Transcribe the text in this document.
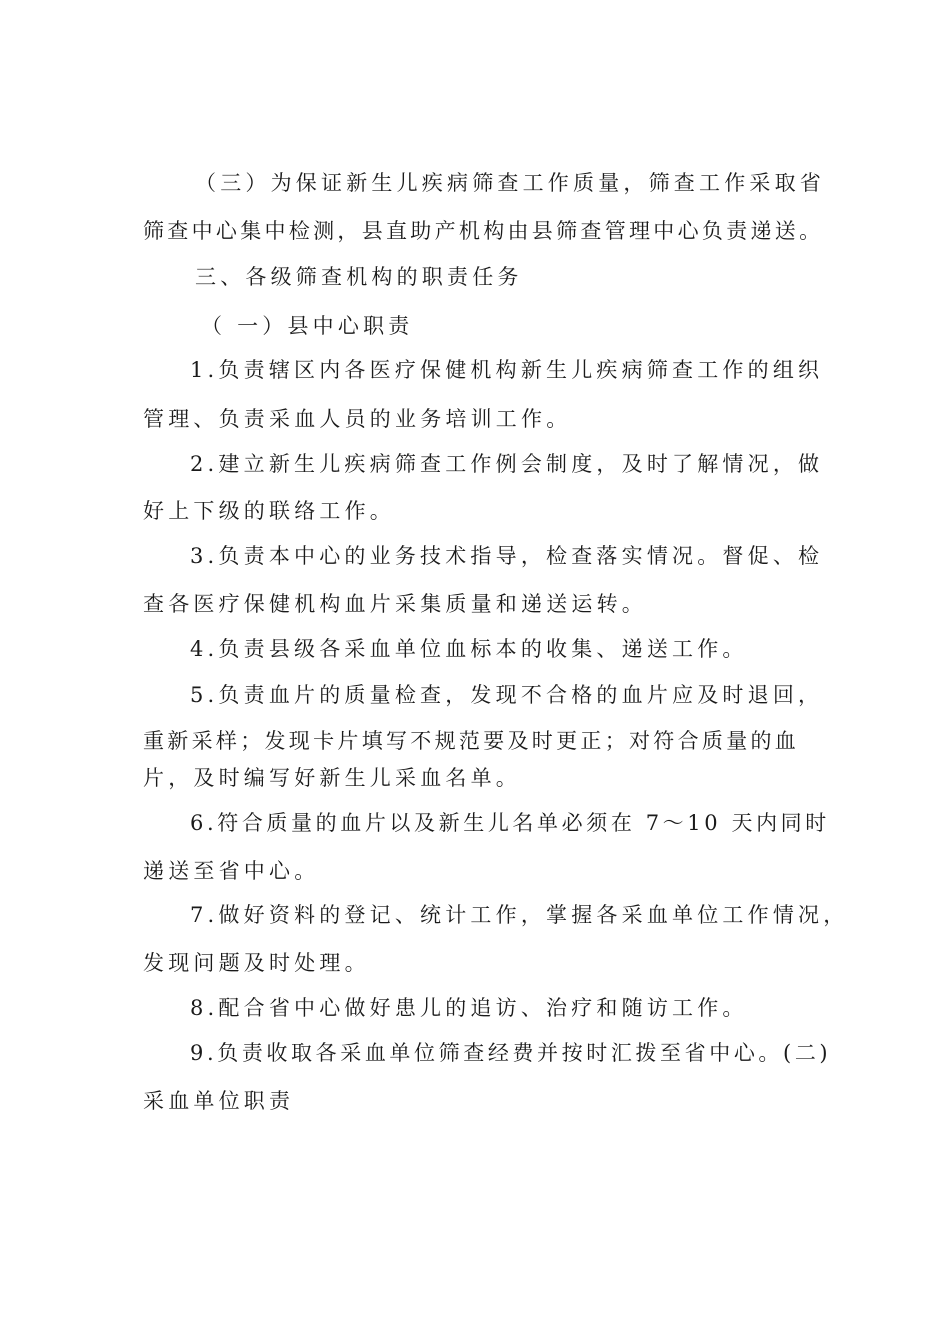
（三）为保证新生儿疾病筛查工作质量，筛查工作采取省
筛查中心集中检测，县直助产机构由县筛查管理中心负责递送。
三、各级筛查机构的职责任务
（ 一）县中心职责
1.负责辖区内各医疗保健机构新生儿疾病筛查工作的组织
管理、负责采血人员的业务培训工作。
2.建立新生儿疾病筛查工作例会制度，及时了解情况，做
好上下级的联络工作。
3.负责本中心的业务技术指导，检查落实情况。督促、检
查各医疗保健机构血片采集质量和递送运转。
4.负责县级各采血单位血标本的收集、递送工作。
5.负责血片的质量检查，发现不合格的血片应及时退回，
重新采样；发现卡片填写不规范要及时更正；对符合质量的血
片，及时编写好新生儿采血名单。
6.符合质量的血片以及新生儿名单必须在 7～10 天内同时
递送至省中心。
7.做好资料的登记、统计工作，掌握各采血单位工作情况，
发现问题及时处理。
8.配合省中心做好患儿的追访、治疗和随访工作。
9.负责收取各采血单位筛查经费并按时汇拨至省中心。(二)
采血单位职责
